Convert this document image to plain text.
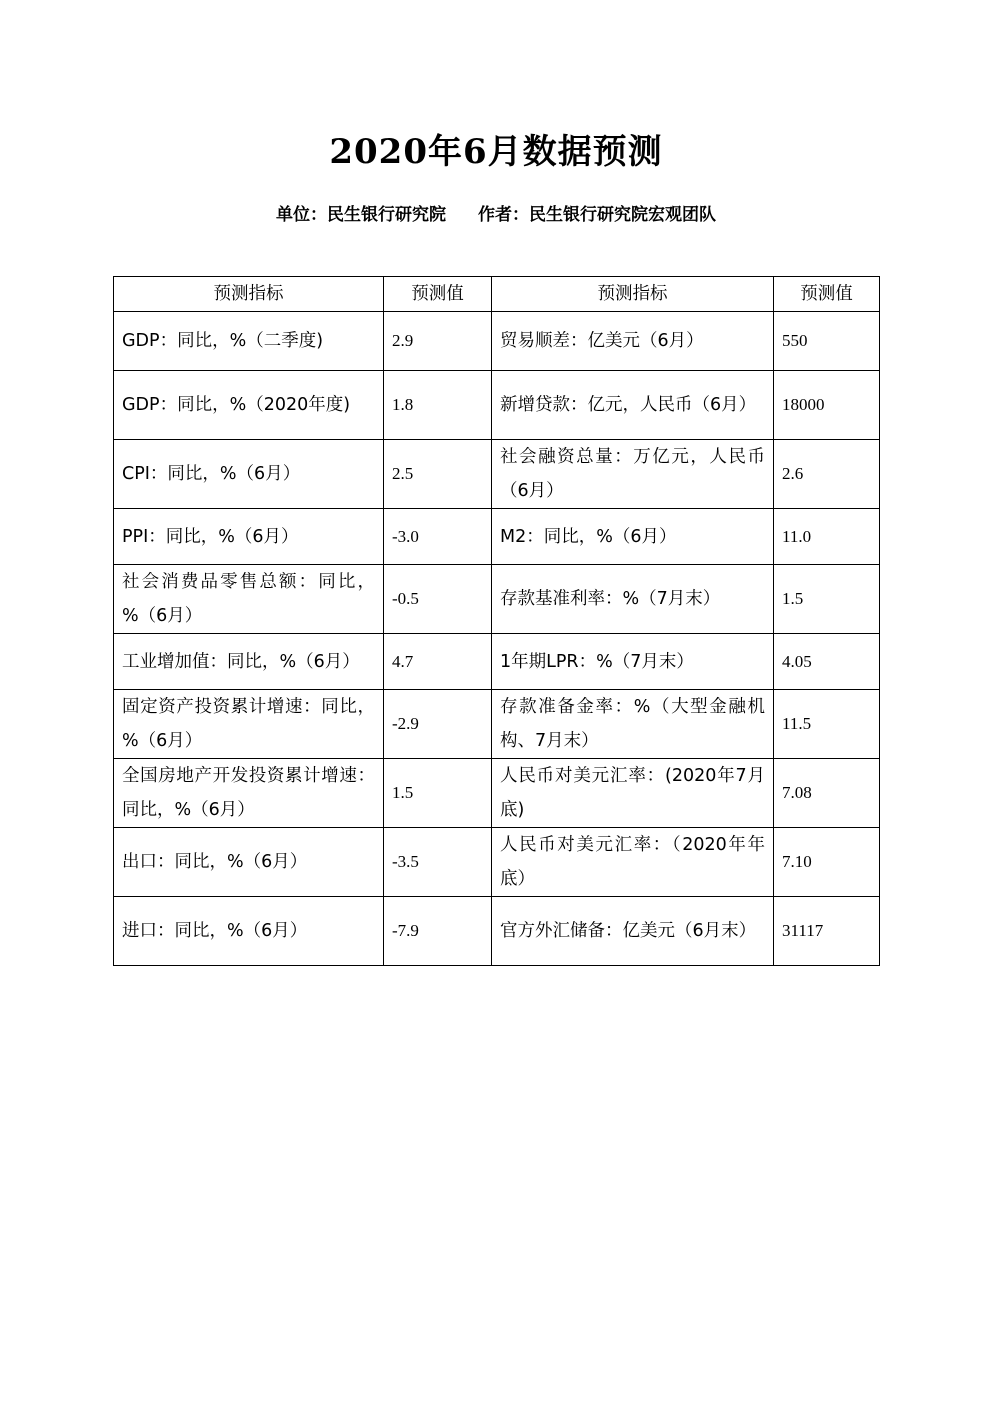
2020年6月数据预测
单位：民生银行研究院 作者：民生银行研究院宏观团队
预测指标	预测值	预测指标	预测值
GDP：同比，%（二季度)	2.9	贸易顺差：亿美元（6月）	550
GDP：同比，%（2020年度)	1.8	新增贷款：亿元，人民币（6月）	18000
CPI：同比，%（6月）	2.5	社会融资总量：万亿元，人民币（6月）	2.6
PPI：同比，%（6月）	-3.0	M2：同比，%（6月）	11.0
社会消费品零售总额：同比，%（6月）	-0.5	存款基准利率：%（7月末）	1.5
工业增加值：同比，%（6月）	4.7	1年期LPR：%（7月末）	4.05
固定资产投资累计增速：同比，%（6月）	-2.9	存款准备金率：%（大型金融机构、7月末）	11.5
全国房地产开发投资累计增速：同比，%（6月）	1.5	人民币对美元汇率：(2020年7月底)	7.08
出口：同比，%（6月）	-3.5	人民币对美元汇率：（2020年年底）	7.10
进口：同比，%（6月）	-7.9	官方外汇储备：亿美元（6月末）	31117
